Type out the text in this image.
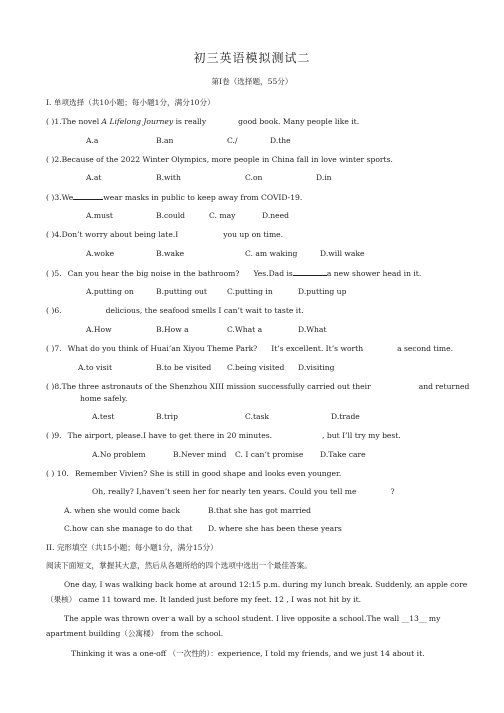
初三英语模拟测试二
第I卷（选择题，55分）
I. 单项选择（共10小题；每小题1分，满分10分）
( )1.The novel A Lifelong Journey is really	good book. Many people like it.
A.a	B.an	C./	D.the
( )2.Because of the 2022 Winter Olympics, more people in China fall in love winter sports.
A.at	B.with	C.on	D.in
( )3.We	wear masks in public to keep away from COVID-19.
A.must	B.could	C. may	D.need
( )4.Don’t worry about being late.I	you up on time.
A.woke	B.wake	C. am waking	D.will wake
( )5. Can you hear the big noise in the bathroom? Yes.Dad is	a new shower head in it.
A.putting on	B.putting out	C.putting in	D.putting up
( )6.	delicious, the seafood smells I can’t wait to taste it.
A.How	B.How a	C.What a	D.What
( )7. What do you think of Huai’an Xiyou Theme Park? It’s excellent. It’s worth	a second time.
A.to visit	B.to be visited C.being visited D.visiting
( )8.The three astronauts of the Shenzhou XIII mission successfully carried out their	and returned
home safely.
A.test	B.trip	C.task	D.trade
( )9. The airport, please.I have to get there in 20 minutes.	, but I’ll try my best.
A.No problem	B.Never mind C. I can’t promise D.Take care
( ) 10. Remember Vivien? She is still in good shape and looks even younger.
Oh, really? I,haven’t seen her for nearly ten years. Could you tell me	?
A. when she would come back	B.that she has got married
C.how can she manage to do that D. where she has been these years
II. 完形填空（共15小题；每小题1分，满分15分）
阅读下面短文，掌握其大意，然后从各题所给的四个选项中选出一个最佳答案。
One day, I was walking back home at around 12:15 p.m. during my lunch break. Suddenly, an apple core
（果核） came 11 toward me. It landed just before my feet. 12 , I was not hit by it.
The apple was thrown over a wall by a school student. I live opposite a school.The wall __13__ my
apartment building（公寓楼） from the school.
Thinking it was a one-off （一次性的）：experience, I told my friends, and we just 14 about it.
